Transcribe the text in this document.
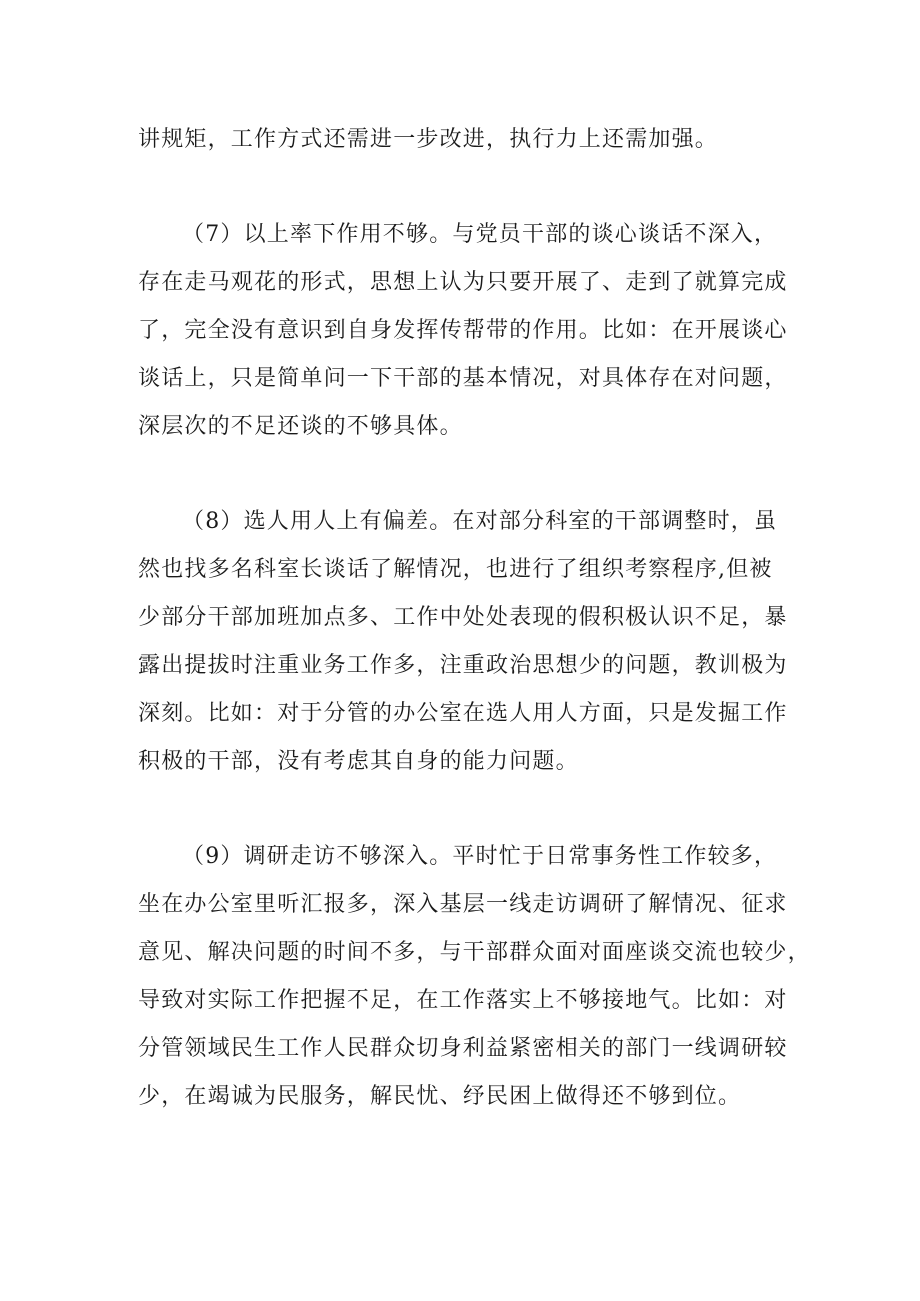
讲规矩，工作方式还需进一步改进，执行力上还需加强。
（7）以上率下作用不够。与党员干部的谈心谈话不深入，
存在走马观花的形式，思想上认为只要开展了、走到了就算完成
了，完全没有意识到自身发挥传帮带的作用。比如：在开展谈心
谈话上，只是简单问一下干部的基本情况，对具体存在对问题，
深层次的不足还谈的不够具体。
（8）选人用人上有偏差。在对部分科室的干部调整时，虽
然也找多名科室长谈话了解情况，也进行了组织考察程序,但被
少部分干部加班加点多、工作中处处表现的假积极认识不足，暴
露出提拔时注重业务工作多，注重政治思想少的问题，教训极为
深刻。比如：对于分管的办公室在选人用人方面，只是发掘工作
积极的干部，没有考虑其自身的能力问题。
（9）调研走访不够深入。平时忙于日常事务性工作较多，
坐在办公室里听汇报多，深入基层一线走访调研了解情况、征求
意见、解决问题的时间不多，与干部群众面对面座谈交流也较少，
导致对实际工作把握不足，在工作落实上不够接地气。比如：对
分管领域民生工作人民群众切身利益紧密相关的部门一线调研较
少，在竭诚为民服务，解民忧、纾民困上做得还不够到位。
